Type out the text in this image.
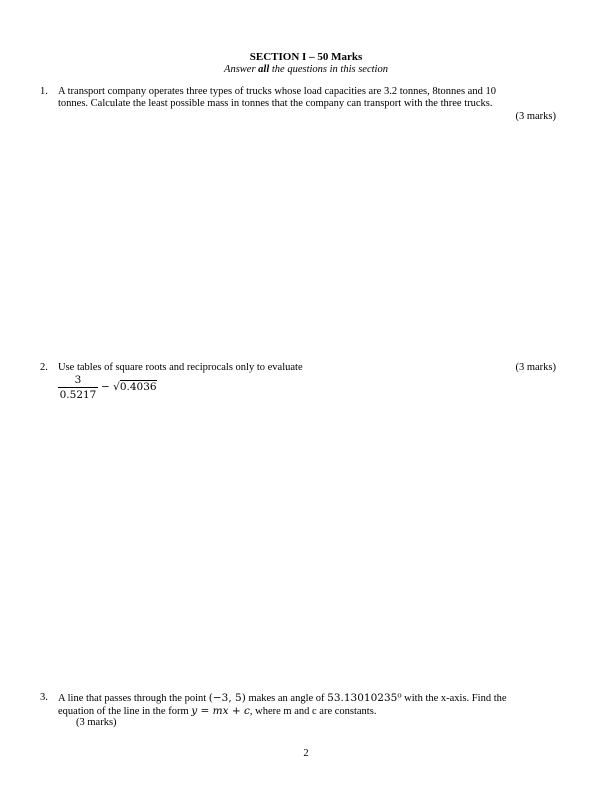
SECTION I – 50 Marks
Answer all the questions in this section
1. A transport company operates three types of trucks whose load capacities are 3.2 tonnes, 8tonnes and 10
tonnes. Calculate the least possible mass in tonnes that the company can transport with the three trucks.
(3 marks)
2. Use tables of square roots and reciprocals only to evaluate	(3 marks)
3
0.5217
− √0.4036
3. A line that passes through the point (−3, 5) makes an angle of 53.13010235⁰ with the x-axis. Find the
equation of the line in the form y = mx + c, where m and c are constants.
(3 marks)
2
